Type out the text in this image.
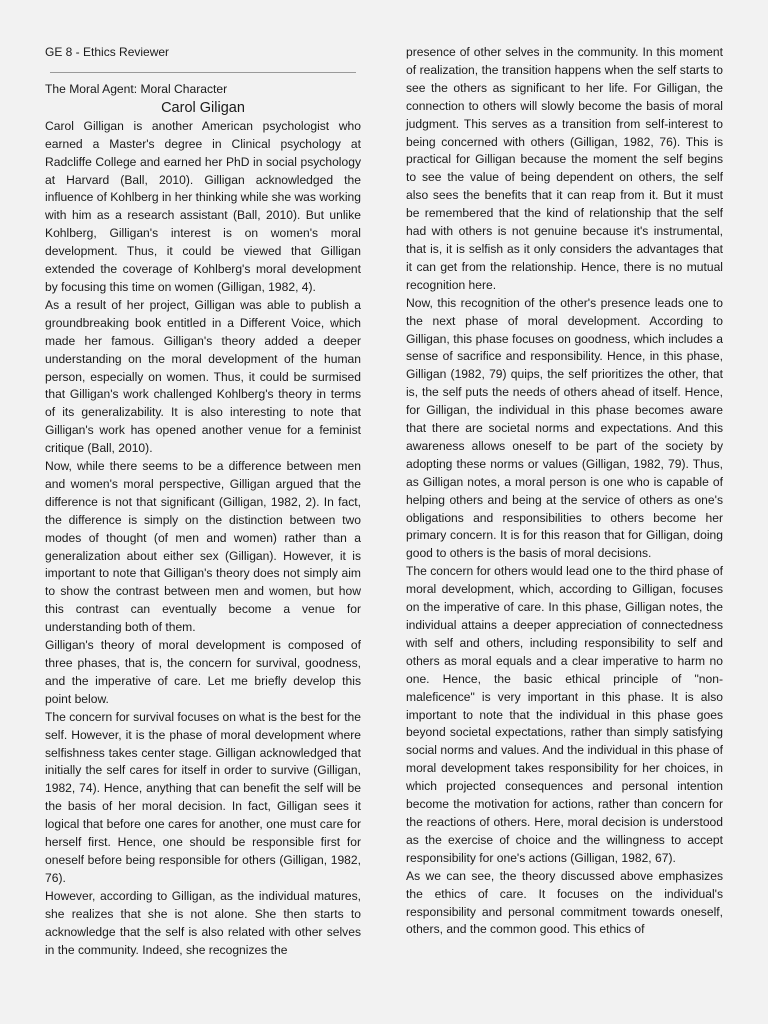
GE 8 - Ethics Reviewer

The Moral Agent: Moral Character

Carol Giligan

Carol Gilligan is another American psychologist who earned a Master's degree in Clinical psychology at Radcliffe College and earned her PhD in social psychology at Harvard (Ball, 2010). Gilligan acknowledged the influence of Kohlberg in her thinking while she was working with him as a research assistant (Ball, 2010). But unlike Kohlberg, Gilligan's interest is on women's moral development. Thus, it could be viewed that Gilligan extended the coverage of Kohlberg's moral development by focusing this time on women (Gilligan, 1982, 4).

As a result of her project, Gilligan was able to publish a groundbreaking book entitled in a Different Voice, which made her famous. Gilligan's theory added a deeper understanding on the moral development of the human person, especially on women. Thus, it could be surmised that Gilligan's work challenged Kohlberg's theory in terms of its generalizability. It is also interesting to note that Gilligan's work has opened another venue for a feminist critique (Ball, 2010).

Now, while there seems to be a difference between men and women's moral perspective, Gilligan argued that the difference is not that significant (Gilligan, 1982, 2). In fact, the difference is simply on the distinction between two modes of thought (of men and women) rather than a generalization about either sex (Gilligan). However, it is important to note that Gilligan's theory does not simply aim to show the contrast between men and women, but how this contrast can eventually become a venue for understanding both of them.

Gilligan's theory of moral development is composed of three phases, that is, the concern for survival, goodness, and the imperative of care. Let me briefly develop this point below.

The concern for survival focuses on what is the best for the self. However, it is the phase of moral development where selfishness takes center stage. Gilligan acknowledged that initially the self cares for itself in order to survive (Gilligan, 1982, 74). Hence, anything that can benefit the self will be the basis of her moral decision. In fact, Gilligan sees it logical that before one cares for another, one must care for herself first. Hence, one should be responsible first for oneself before being responsible for others (Gilligan, 1982, 76).

However, according to Gilligan, as the individual matures, she realizes that she is not alone. She then starts to acknowledge that the self is also related with other selves in the community. Indeed, she recognizes the

presence of other selves in the community. In this moment of realization, the transition happens when the self starts to see the others as significant to her life. For Gilligan, the connection to others will slowly become the basis of moral judgment. This serves as a transition from self-interest to being concerned with others (Gilligan, 1982, 76). This is practical for Gilligan because the moment the self begins to see the value of being dependent on others, the self also sees the benefits that it can reap from it. But it must be remembered that the kind of relationship that the self had with others is not genuine because it's instrumental, that is, it is selfish as it only considers the advantages that it can get from the relationship. Hence, there is no mutual recognition here.

Now, this recognition of the other's presence leads one to the next phase of moral development. According to Gilligan, this phase focuses on goodness, which includes a sense of sacrifice and responsibility. Hence, in this phase, Gilligan (1982, 79) quips, the self prioritizes the other, that is, the self puts the needs of others ahead of itself. Hence, for Gilligan, the individual in this phase becomes aware that there are societal norms and expectations. And this awareness allows oneself to be part of the society by adopting these norms or values (Gilligan, 1982, 79). Thus, as Gilligan notes, a moral person is one who is capable of helping others and being at the service of others as one's obligations and responsibilities to others become her primary concern. It is for this reason that for Gilligan, doing good to others is the basis of moral decisions.

The concern for others would lead one to the third phase of moral development, which, according to Gilligan, focuses on the imperative of care. In this phase, Gilligan notes, the individual attains a deeper appreciation of connectedness with self and others, including responsibility to self and others as moral equals and a clear imperative to harm no one. Hence, the basic ethical principle of "non- maleficence" is very important in this phase. It is also important to note that the individual in this phase goes beyond societal expectations, rather than simply satisfying social norms and values. And the individual in this phase of moral development takes responsibility for her choices, in which projected consequences and personal intention become the motivation for actions, rather than concern for the reactions of others. Here, moral decision is understood as the exercise of choice and the willingness to accept responsibility for one's actions (Gilligan, 1982, 67).

As we can see, the theory discussed above emphasizes the ethics of care. It focuses on the individual's responsibility and personal commitment towards oneself, others, and the common good. This ethics of
